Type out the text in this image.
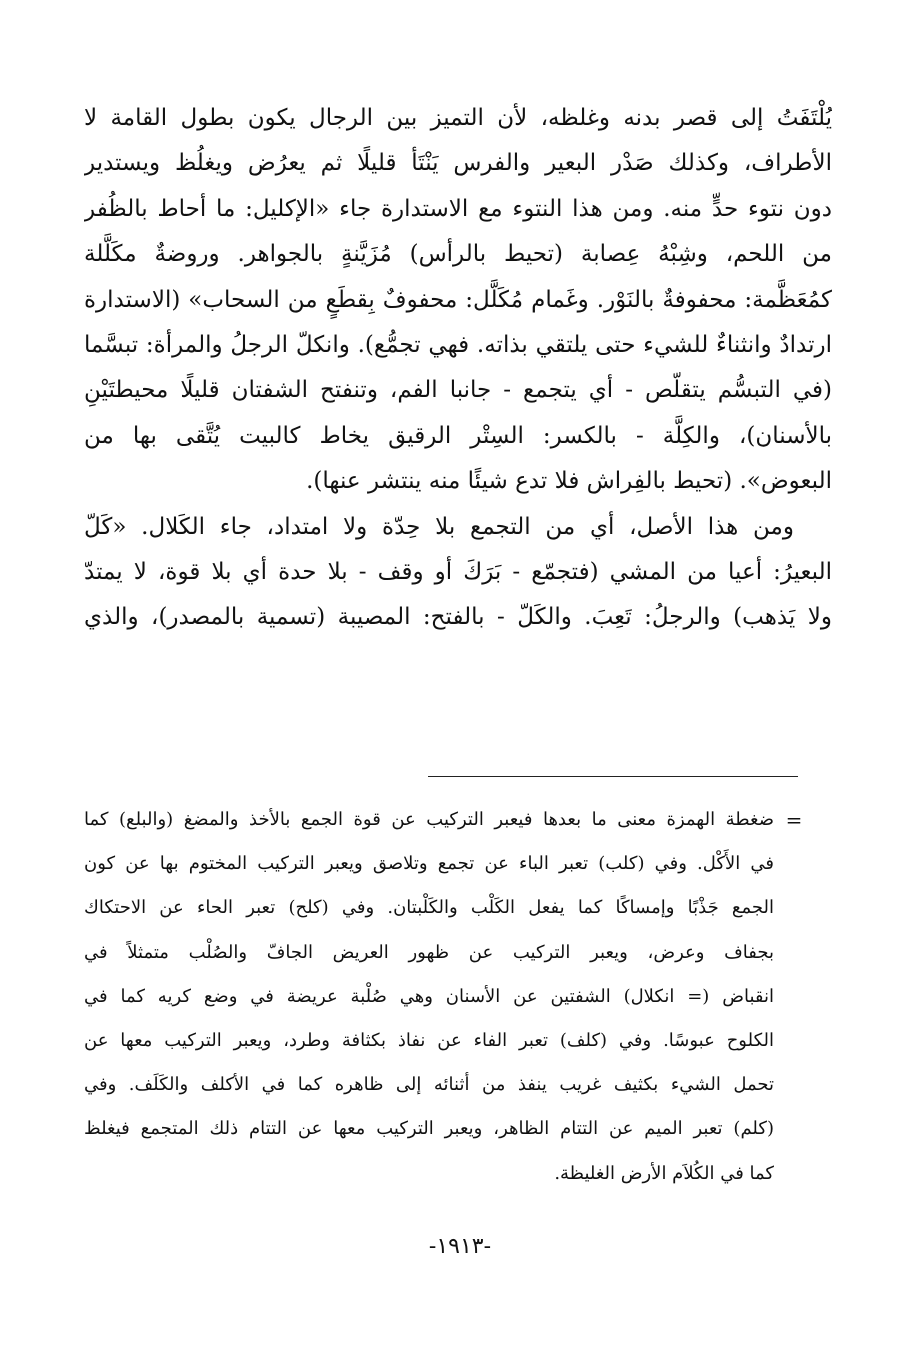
يُلْتَفَتُ إلى قصر بدنه وغلظه، لأن التميز بين الرجال يكون بطول القامة لا
الأطراف، وكذلك صَدْر البعير والفرس يَنْتَأ قليلًا ثم يعرُض ويغلُظ ويستدير
دون نتوء حدٍّ منه. ومن هذا النتوء مع الاستدارة جاء «الإكليل: ما أحاط بالظُفر
من اللحم، وشِبْهُ عِصابة (تحيط بالرأس) مُزَيَّنةٍ بالجواهر. وروضةٌ مكَلَّلة
كمُعَظَّمة: محفوفةٌ بالنَوْر. وغَمام مُكَلَّل: محفوفٌ بِقطَعٍ من السحاب» (الاستدارة
ارتدادٌ وانثناءٌ للشيء حتى يلتقي بذاته. فهي تجمُّع). وانكلّ الرجلُ والمرأة: تبسَّما
(في التبسُّم يتقلّص - أي يتجمع - جانبا الفم، وتنفتح الشفتان قليلًا محيطتَيْنِ
بالأسنان)، والكِلَّة - بالكسر: السِتْر الرقيق يخاط كالبيت يُتَّقى بها من
البعوض». (تحيط بالفِراش فلا تدع شيئًا منه ينتشر عنها).
ومن هذا الأصل، أي من التجمع بلا حِدّة ولا امتداد، جاء الكَلال. «كَلّ
البعيرُ: أعيا من المشي (فتجمّع - بَرَكَ أو وقف - بلا حدة أي بلا قوة، لا يمتدّ
ولا يَذهب) والرجلُ: تَعِبَ. والكَلّ - بالفتح: المصيبة (تسمية بالمصدر)، والذي
=
ضغطة الهمزة معنى ما بعدها فيعبر التركيب عن قوة الجمع بالأخذ والمضغ (والبلع) كما
في الأَكْل. وفي (كلب) تعبر الباء عن تجمع وتلاصق ويعبر التركيب المختوم بها عن كون
الجمع جَذْبًا وإمساكًا كما يفعل الكَلْب والكَلْبتان. وفي (كلح) تعبر الحاء عن الاحتكاك
بجفاف وعرض، ويعبر التركيب عن ظهور العريض الجافّ والصُلْب متمثلاً في
انقباض (= انكلال) الشفتين عن الأسنان وهي صُلْبة عريضة في وضع كريه كما في
الكلوح عبوسًا. وفي (كلف) تعبر الفاء عن نفاذ بكثافة وطرد، ويعبر التركيب معها عن
تحمل الشيء بكثيف غريب ينفذ من أثنائه إلى ظاهره كما في الأكلف والكَلَف. وفي
(كلم) تعبر الميم عن التتام الظاهر، ويعبر التركيب معها عن التتام ذلك المتجمع فيغلظ
كما في الكُلاَم الأرض الغليظة.
-١٩١٣-
